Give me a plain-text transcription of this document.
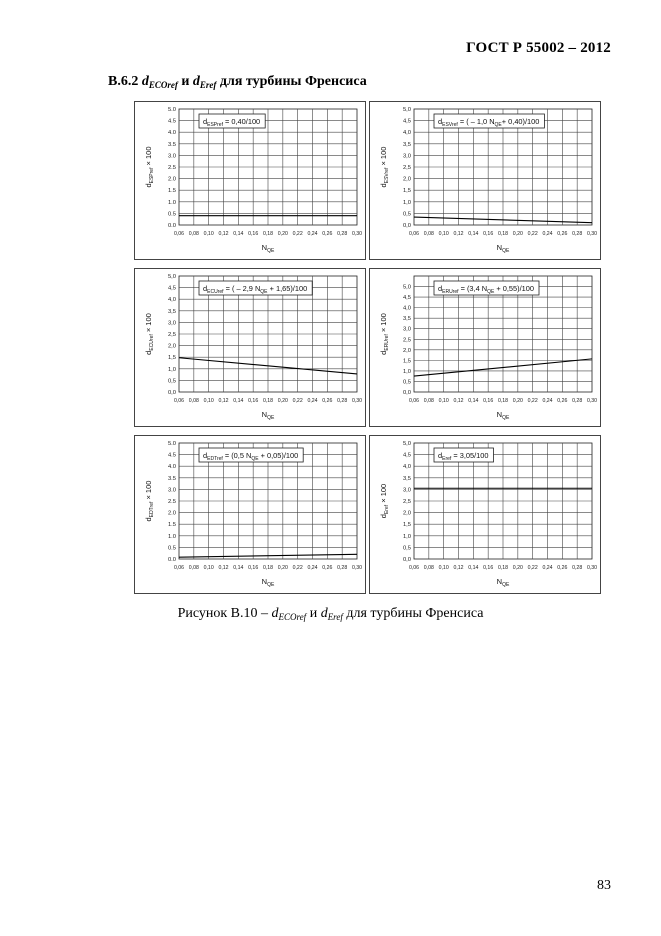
ГОСТ Р 55002 – 2012
B.6.2 $d_{ECOref}$ и $d_{Eref}$ для турбины Френсиса
0,06 0,08 0,10 0,12 0,14 0,16 0,18 0,20 0,22 0,24 0,26 0,28 0,30
0.0
0.5
1.0
1.5
2.0
2.5
3.0
3.5
4.0
4.5
5.0
$N_{QE}$
$d_{ESPref} \times 100$
$d_{ESPref} = 0,40/100$
0,06 0,08 0,10 0,12 0,14 0,16 0,18 0,20 0,22 0,24 0,26 0,28 0,30
0,0
0,5
1,0
1,5
2,0
2,5
3,0
3,5
4,0
4,5
5,0
$N_{QE}$
$d_{ESVref} \times 100$
$d_{ESVref}$ = ( – 1,0 $N_{QE}+ 0,40)/100$
0,06 0,08 0,10 0,12 0,14 0,16 0,18 0,20 0,22 0,24 0,26 0,28 0,30
0,0
0,5
1,0
1,5
2,0
2,5
3,0
3,5
4,0
4,5
5,0
$N_{QE}$
$d_{ECUref} \times 100$
$d_{ECUref}$ = ( – 2,9 $N_{QE} + 1,65)/100$
0,06 0,08 0,10 0,12 0,14 0,16 0,18 0,20 0,22 0,24 0,26 0,28 0,30
0,0
0,5
1,0
1,5
2,0
2,5
3,0
3,5
4,0
4,5
5,0
$N_{QE}$
$d_{ERUref} \times 100$
$d_{ERUref} = (3,4$ $N_{QE} + 0,55)/100$
0,06 0,08 0,10 0,12 0,14 0,16 0,18 0,20 0,22 0,24 0,26 0,28 0,30
0.0
0.5
1.0
1.5
2.0
2.5
3.0
3.5
4.0
4.5
5.0
$N_{QE}$
$d_{EDTref} \times 100$
$d_{EDTref} = (0,5$ $N_{QE} + 0,05)/100$
0,06 0,08 0,10 0,12 0,14 0,16 0,18 0,20 0,22 0,24 0,26 0,28 0,30
0,0
0,5
1,0
1,5
2,0
2,5
3,0
3,5
4,0
4,5
5,0
$N_{QE}$
$d_{Eref} \times 100$
$d_{Eref} = 3,05/100$
Рисунок $В.10 - d_{ECOref}$ и $d_{Eref}$ для турбины Френсиса
83
